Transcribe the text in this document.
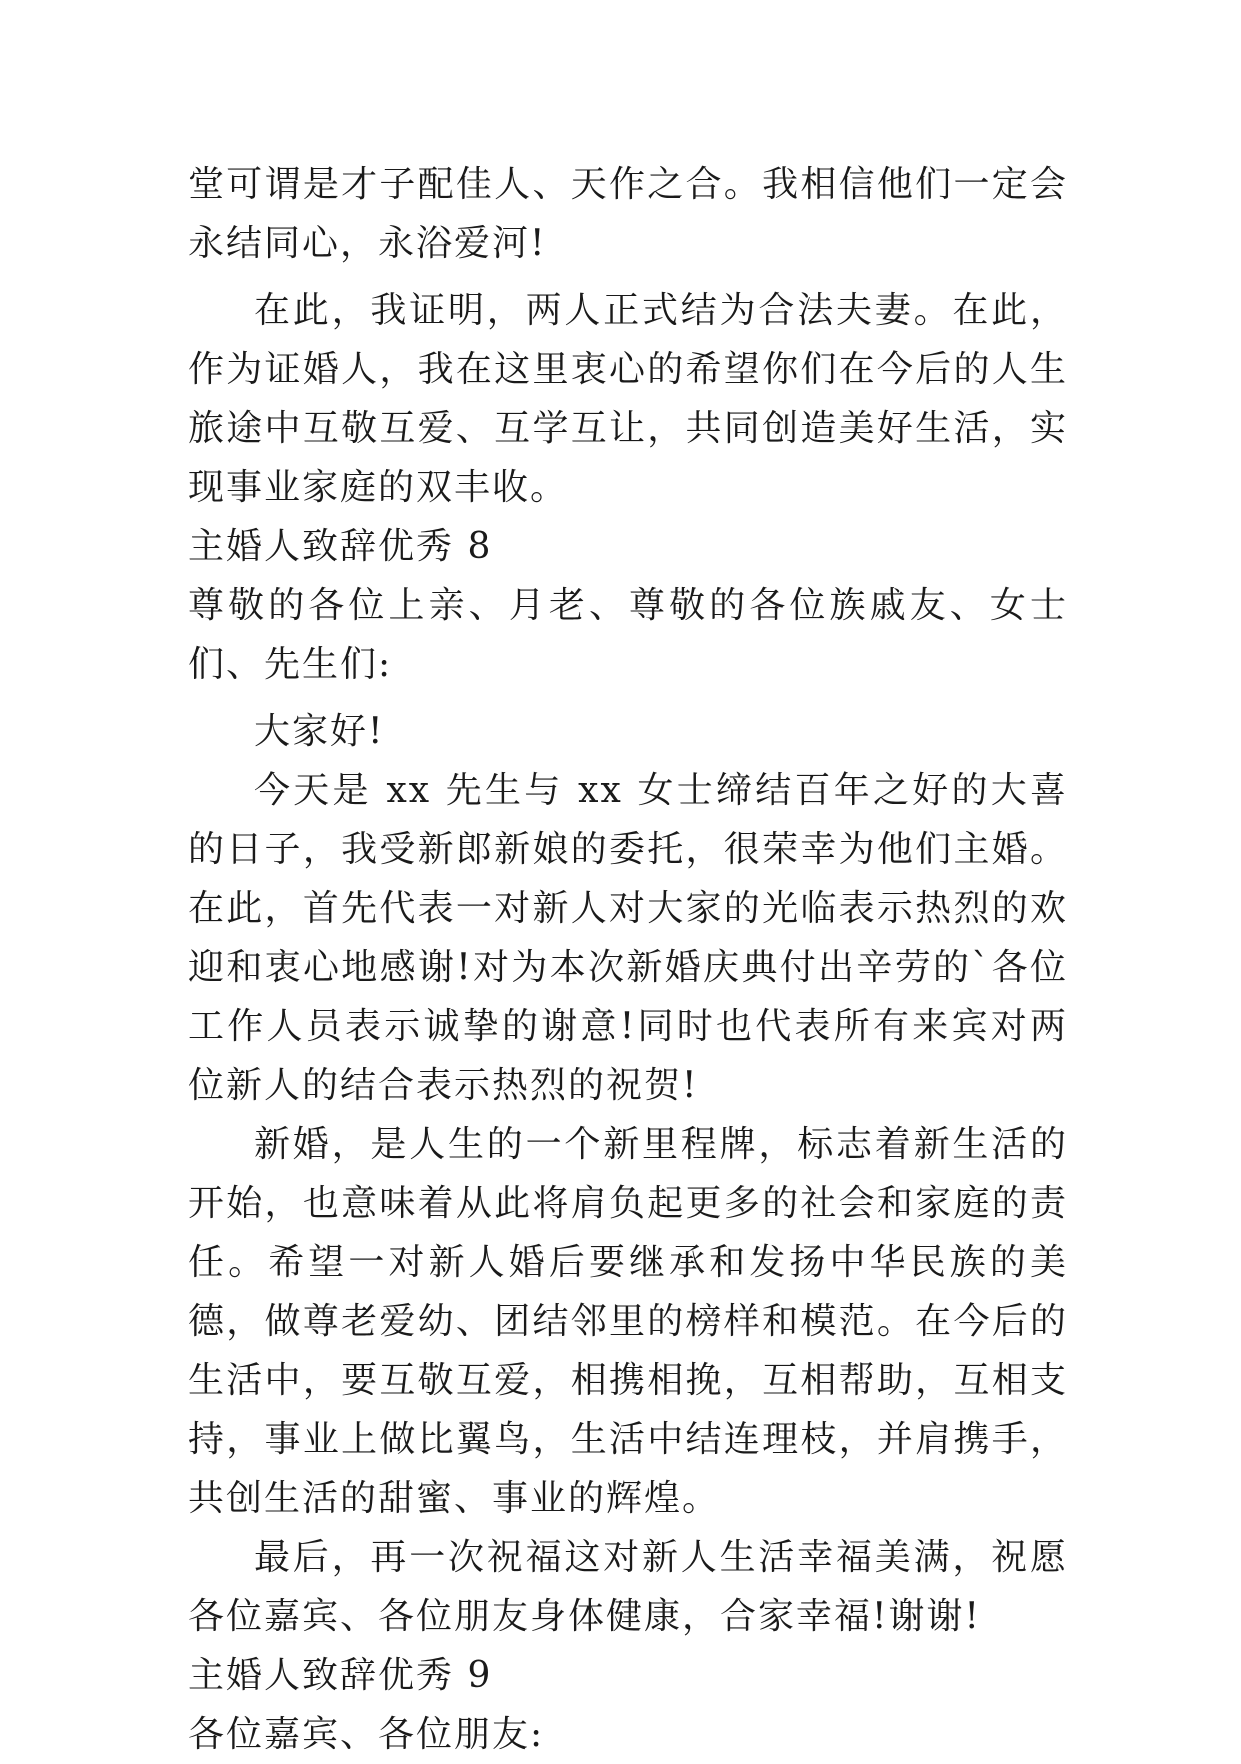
堂可谓是才子配佳人、天作之合。我相信他们一定会永结同心，永浴爱河!

在此，我证明，两人正式结为合法夫妻。在此，作为证婚人，我在这里衷心的希望你们在今后的人生旅途中互敬互爱、互学互让，共同创造美好生活，实现事业家庭的双丰收。

主婚人致辞优秀 8

尊敬的各位上亲、月老、尊敬的各位族戚友、女士们、先生们:

大家好!

今天是 xx 先生与 xx 女士缔结百年之好的大喜的日子，我受新郎新娘的委托，很荣幸为他们主婚。在此，首先代表一对新人对大家的光临表示热烈的欢迎和衷心地感谢!对为本次新婚庆典付出辛劳的`各位工作人员表示诚挚的谢意!同时也代表所有来宾对两位新人的结合表示热烈的祝贺!

新婚，是人生的一个新里程牌，标志着新生活的开始，也意味着从此将肩负起更多的社会和家庭的责任。希望一对新人婚后要继承和发扬中华民族的美德，做尊老爱幼、团结邻里的榜样和模范。在今后的生活中，要互敬互爱，相携相挽，互相帮助，互相支持，事业上做比翼鸟，生活中结连理枝，并肩携手，共创生活的甜蜜、事业的辉煌。

最后，再一次祝福这对新人生活幸福美满，祝愿各位嘉宾、各位朋友身体健康，合家幸福!谢谢!

主婚人致辞优秀 9

各位嘉宾、各位朋友:
